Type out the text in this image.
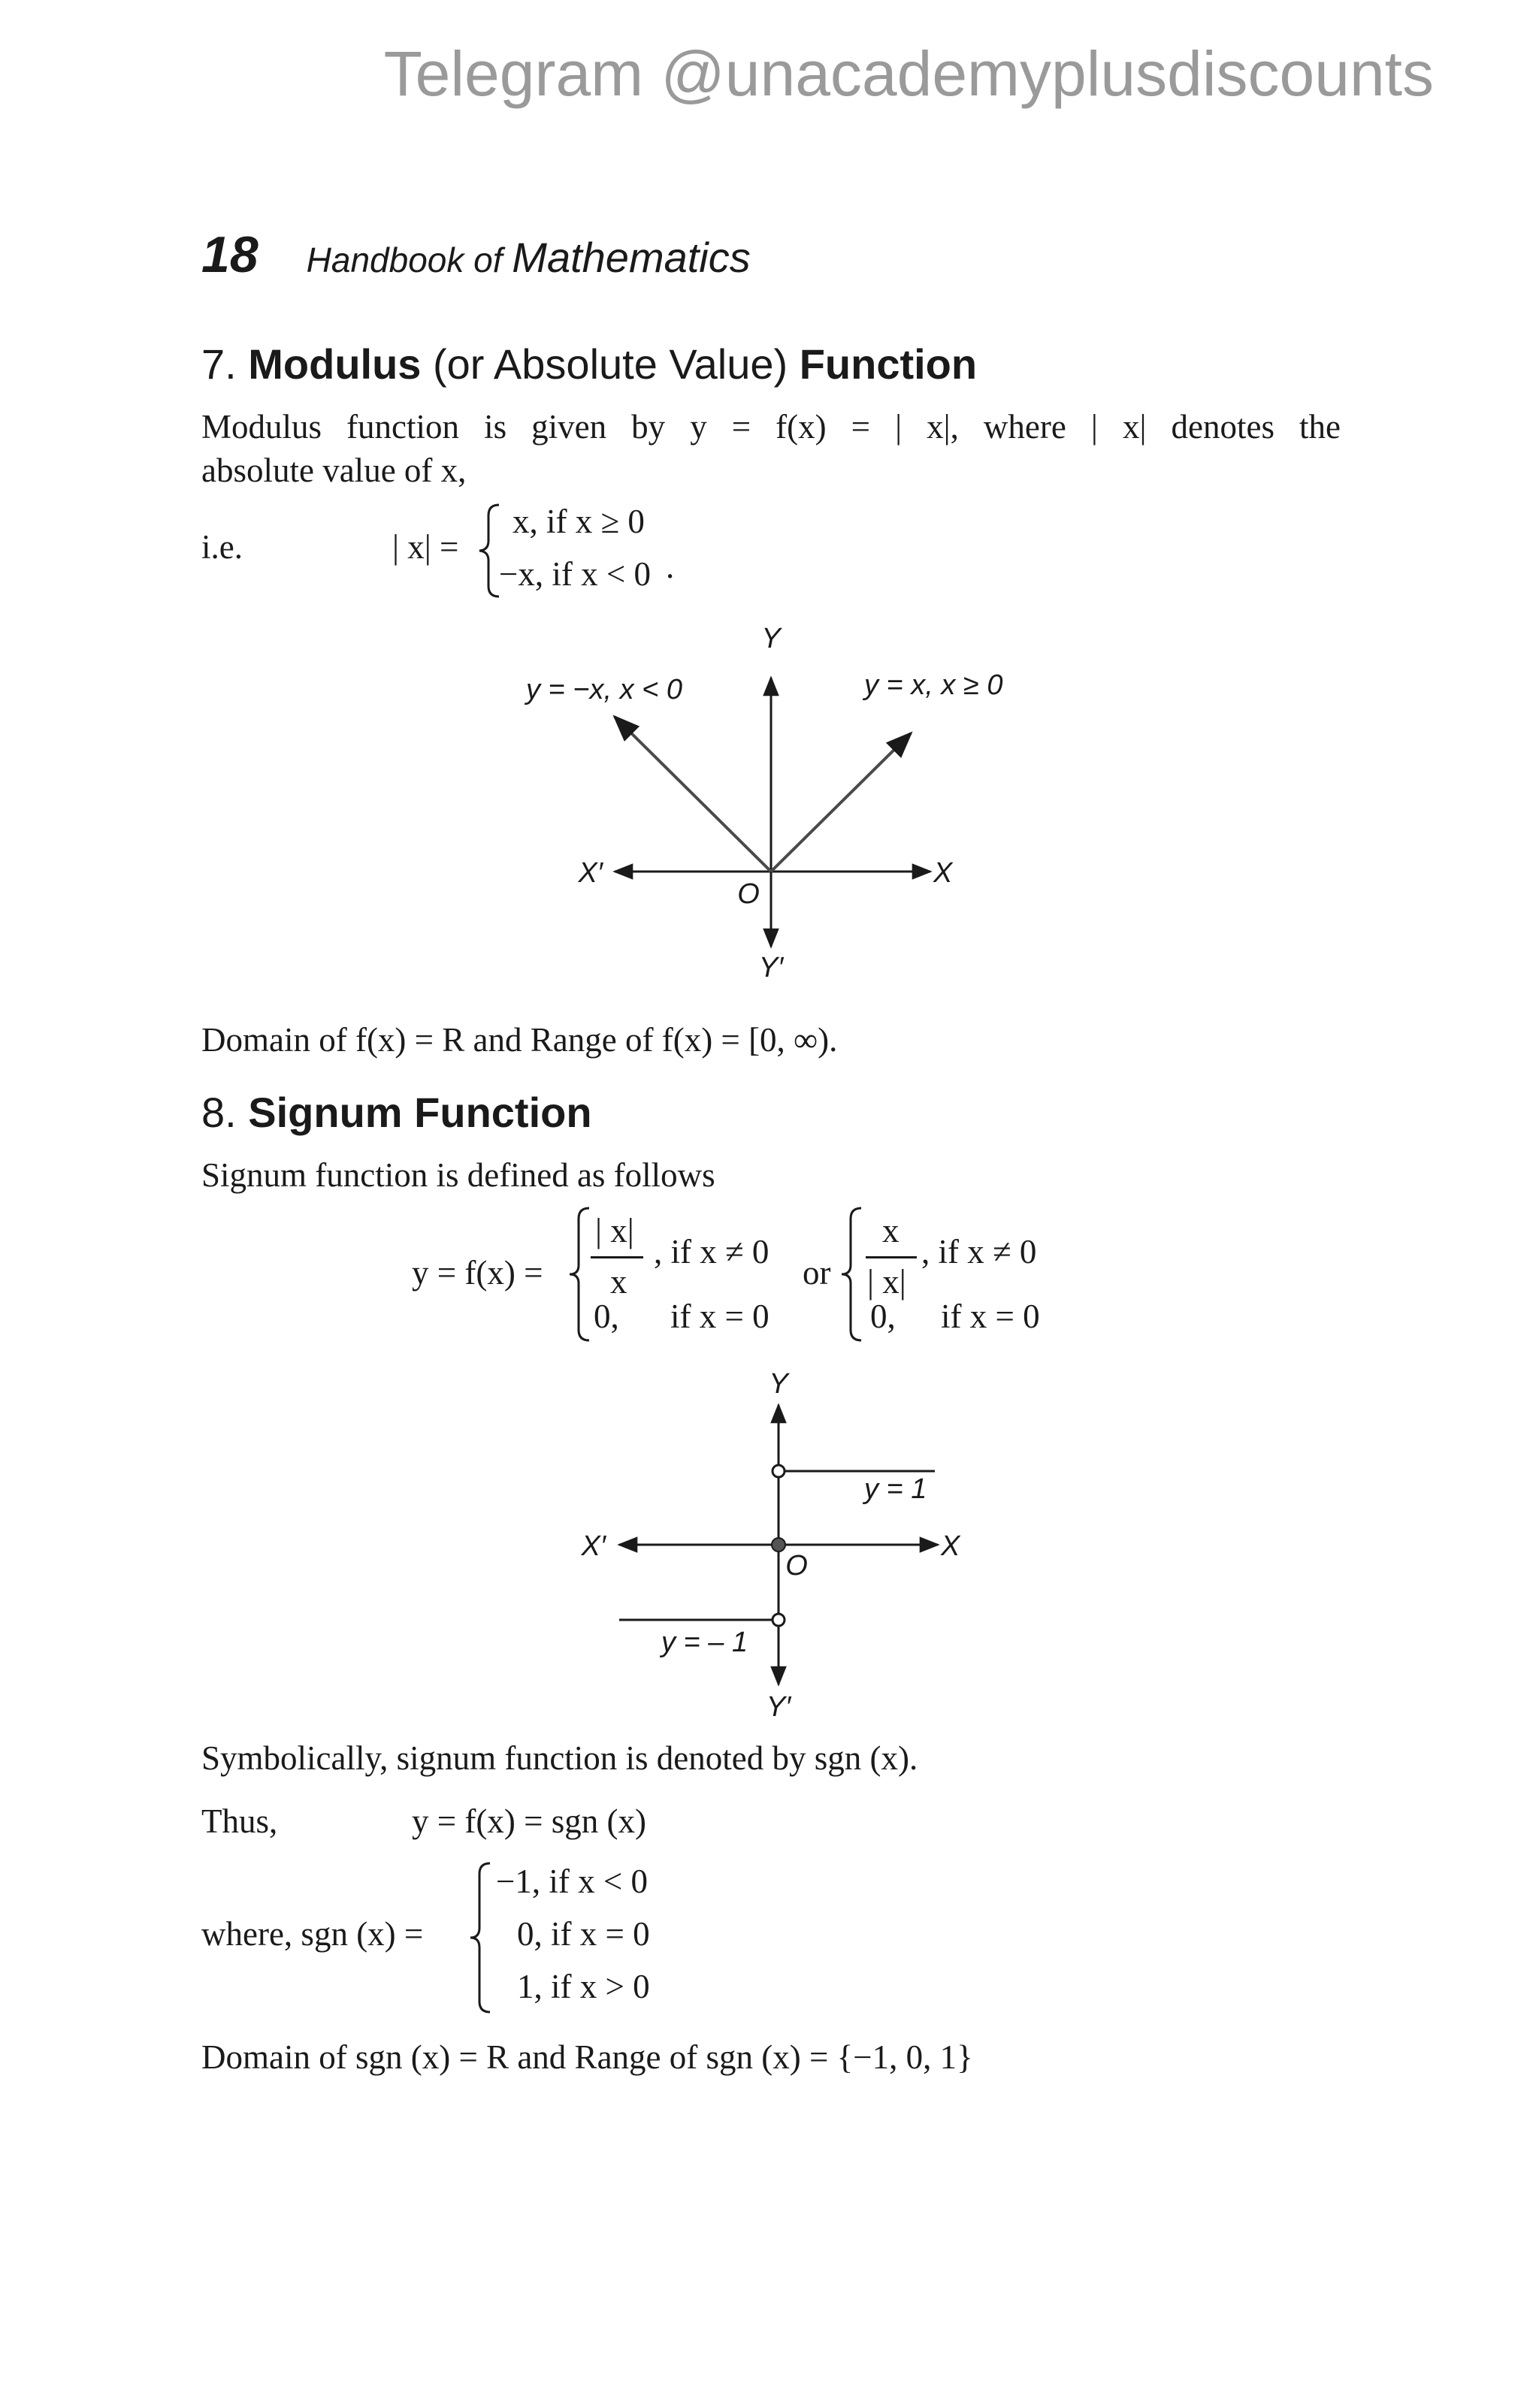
Telegram @unacademyplusdiscounts
18 Handbook of Mathematics
7. Modulus (or Absolute Value) Function
Modulus function is given by y = f(x) = | x|, where | x| denotes the
absolute value of x,
i.e.	| x| =
x, if x ≥ 0
−x, if x < 0 .
Y
Y′
X
X′
O
y = −x, x < 0	y = x, x ≥ 0
Domain of f(x) = R and Range of f(x) = [0, ∞).
8. Signum Function
Signum function is defined as follows
y = f(x) =
| x|
x
, if x ≠ 0
0, if x = 0
or
x
| x|
, if x ≠ 0
0, if x = 0
Y
Y′
X
X′
O
y = 1
y = – 1
Symbolically, signum function is denoted by sgn (x).
Thus,	y = f(x) = sgn (x)
where, sgn (x) =
−1, if x < 0
0, if x = 0
1, if x > 0
Domain of sgn (x) = R and Range of sgn (x) = {−1, 0, 1}
